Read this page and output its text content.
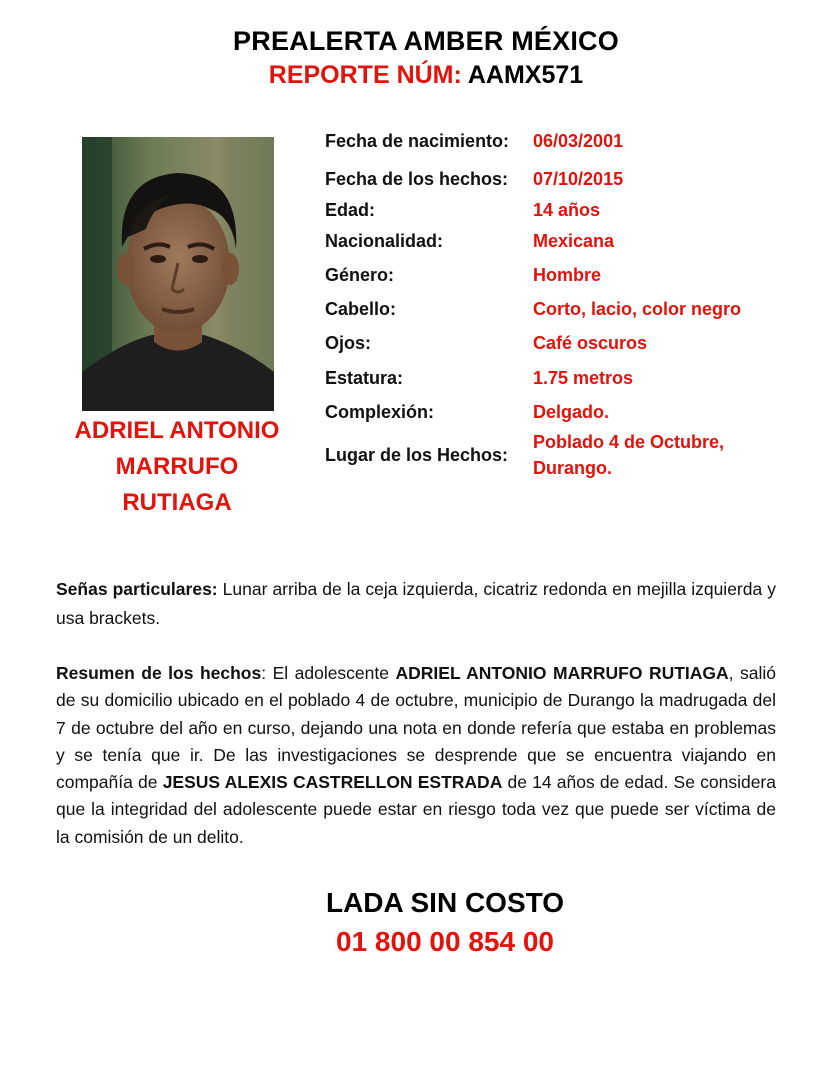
PREALERTA AMBER MÉXICO
REPORTE NÚM: AAMX571
ADRIEL ANTONIO
MARRUFO
RUTIAGA
Fecha de nacimiento: 06/03/2001
Fecha de los hechos: 07/10/2015
Edad:	14 años
Nacionalidad:	Mexicana
Género:	Hombre
Cabello:	Corto, lacio, color negro
Ojos:	Café oscuros
Estatura:	1.75 metros
Complexión:	Delgado.
Lugar de los Hechos:
Poblado 4 de Octubre,
Durango.
Señas particulares: Lunar arriba de la ceja izquierda, cicatriz redonda en mejilla izquierda y usa brackets.
Resumen de los hechos: El adolescente ADRIEL ANTONIO MARRUFO RUTIAGA, salió de su domicilio ubicado en el poblado 4 de octubre, municipio de Durango la madrugada del 7 de octubre del año en curso, dejando una nota en donde refería que estaba en problemas y se tenía que ir. De las investigaciones se desprende que se encuentra viajando en compañía de JESUS ALEXIS CASTRELLON ESTRADA de 14 años de edad. Se considera que la integridad del adolescente puede estar en riesgo toda vez que puede ser víctima de la comisión de un delito.
LADA SIN COSTO
01 800 00 854 00
